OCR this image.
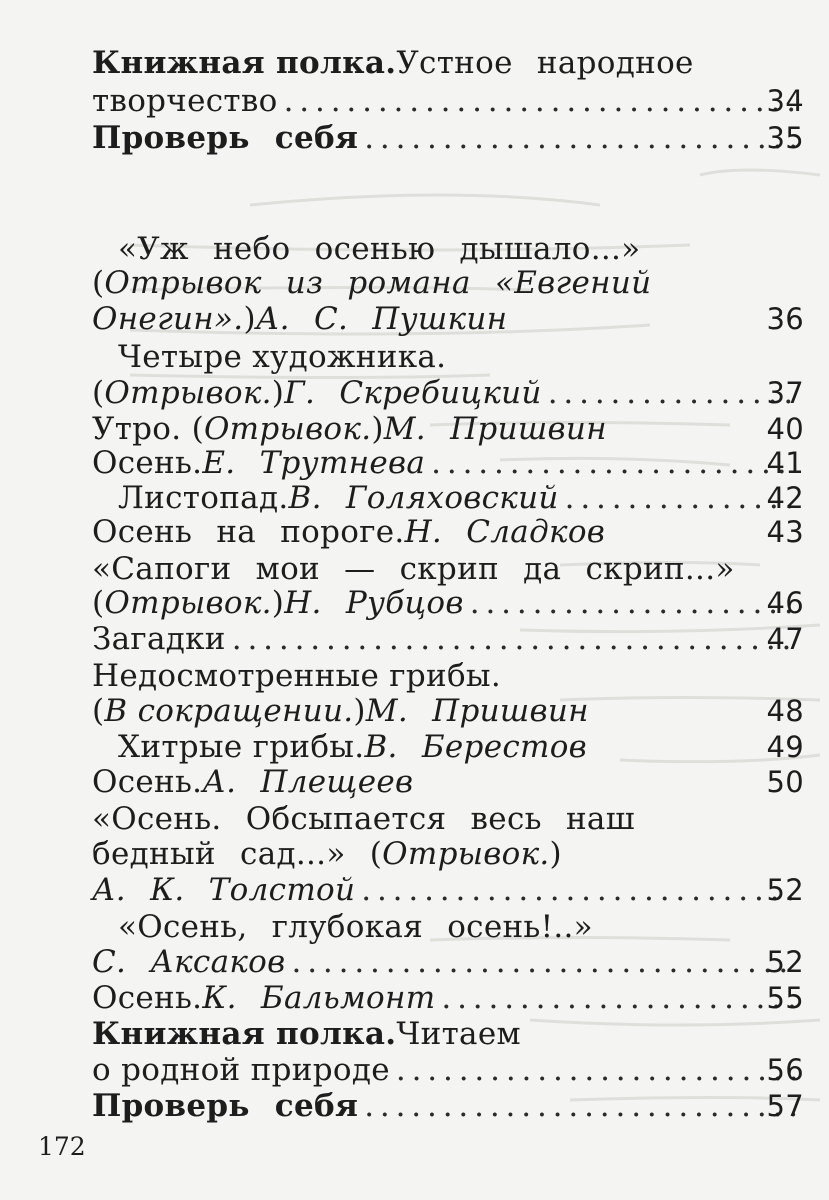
Книжная полка. Устное народное
творчество . . .	34
Проверь себя . . .	35
«Уж небо осенью дышало...»
( Отрывок из романа «Евгений
Онегин». ) А. С. Пушкин	36
Четыре художника.
( Отрывок. ) Г. Скребицкий . . .	37
Утро. ( Отрывок. ) М. Пришвин	40
Осень. Е. Трутнева . . .	41
Листопад. В. Голяховский . . .	42
Осень на пороге. Н. Сладков	43
«Сапоги мои — скрип да скрип...»
( Отрывок. ) Н. Рубцов . . .	46
Загадки . . .	47
Недосмотренные грибы.
( В сокращении. ) М. Пришвин	48
Хитрые грибы. В. Берестов	49
Осень. А. Плещеев	50
«Осень. Обсыпается весь наш
бедный сад...» ( Отрывок. )
А. К. Толстой . . .	52
«Осень, глубокая осень!..»
С. Аксаков . . .	52
Осень. К. Бальмонт . . .	55
Книжная полка. Читаем
о родной природе . . .	56
Проверь себя . . .	57
172
